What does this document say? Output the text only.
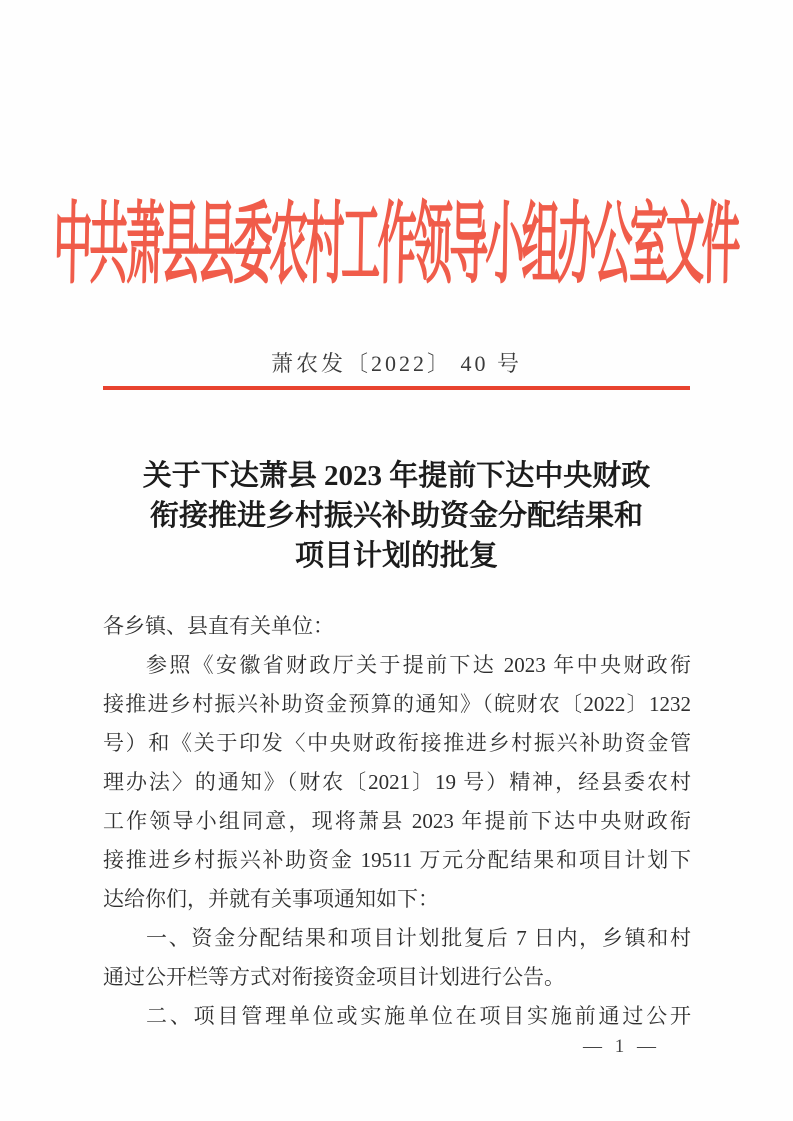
中共萧县县委农村工作领导小组办公室文件
萧农发〔2022〕 40 号

关于下达萧县 2023 年提前下达中央财政

衔接推进乡村振兴补助资金分配结果和

项目计划的批复

各乡镇、县直有关单位：

参照《安徽省财政厅关于提前下达 2023 年中央财政衔

接推进乡村振兴补助资金预算的通知》（皖财农〔2022〕1232

号）和《关于印发〈中央财政衔接推进乡村振兴补助资金管

理办法〉的通知》（财农〔2021〕19 号）精神，经县委农村

工作领导小组同意，现将萧县 2023 年提前下达中央财政衔

接推进乡村振兴补助资金 19511 万元分配结果和项目计划下

达给你们，并就有关事项通知如下：

一、资金分配结果和项目计划批复后 7 日内，乡镇和村

通过公开栏等方式对衔接资金项目计划进行公告。

二、项目管理单位或实施单位在项目实施前通过公开

— 1 —
